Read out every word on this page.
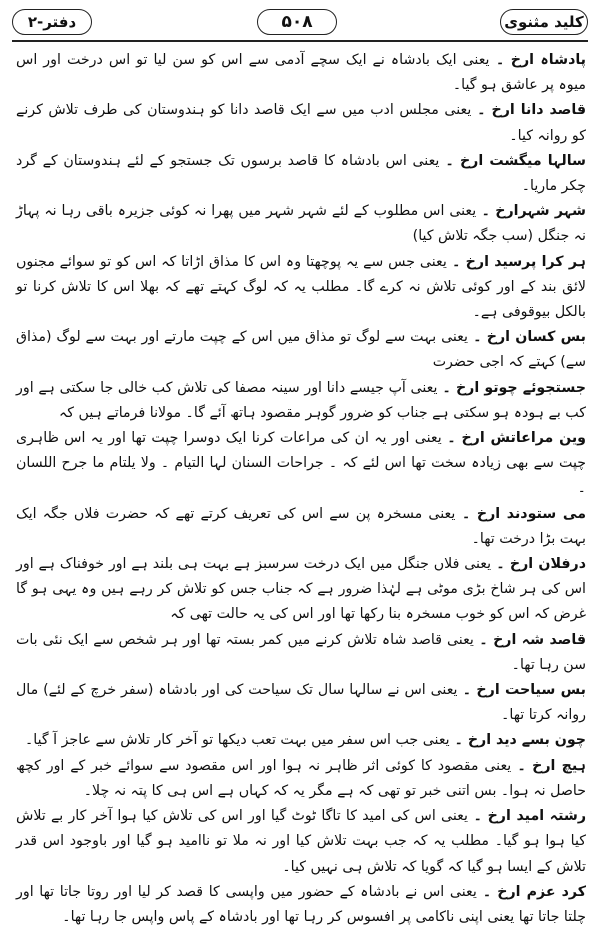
کلید مثنوی
۵۰۸
دفتر-۲

پادشاہ ارخ ۔ یعنی ایک بادشاہ نے ایک سچے آدمی سے اس کو سن لیا تو اس درخت اور اس میوہ پر عاشق ہو گیا۔

قاصد دانا ارخ ۔ یعنی مجلس ادب میں سے ایک قاصد دانا کو ہندوستان کی طرف تلاش کرنے کو روانہ کیا۔

سالہا میگشت ارخ ۔ یعنی اس بادشاہ کا قاصد برسوں تک جستجو کے لئے ہندوستان کے گرد چکر ماریا۔

شہر شہرارخ ۔ یعنی اس مطلوب کے لئے شہر شہر میں پھرا نہ کوئی جزیرہ باقی رہا نہ پہاڑ نہ جنگل (سب جگہ تلاش کیا)

ہر کرا پرسید ارخ ۔ یعنی جس سے یہ پوچھتا وہ اس کا مذاق اڑاتا کہ اس کو تو سوائے مجنوں لائق بند کے اور کوئی تلاش نہ کرے گا۔ مطلب یہ کہ لوگ کہتے تھے کہ بھلا اس کا تلاش کرنا تو بالکل بیوقوفی ہے۔

بس کسان ارخ ۔ یعنی بہت سے لوگ تو مذاق میں اس کے چپت مارتے اور بہت سے لوگ (مذاق سے) کہتے کہ اجی حضرت

جستجوئے چوتو ارخ ۔ یعنی آپ جیسے دانا اور سینہ مصفا کی تلاش کب خالی جا سکتی ہے اور کب بے ہودہ ہو سکتی ہے جناب کو ضرور گوہر مقصود ہاتھ آئے گا۔ مولانا فرماتے ہیں کہ

وین مراعاتش ارخ ۔ یعنی اور یہ ان کی مراعات کرنا ایک دوسرا چپت تھا اور یہ اس ظاہری چپت سے بھی زیادہ سخت تھا اس لئے کہ ۔ جراحات السنان لہا التیام ۔ ولا یلتام ما جرح اللسان ۔

می ستودند ارخ ۔ یعنی مسخرہ پن سے اس کی تعریف کرتے تھے کہ حضرت فلاں جگہ ایک بہت بڑا درخت تھا۔

درفلان ارخ ۔ یعنی فلاں جنگل میں ایک درخت سرسبز ہے بہت ہی بلند ہے اور خوفناک ہے اور اس کی ہر شاخ بڑی موٹی ہے لہٰذا ضرور ہے کہ جناب جس کو تلاش کر رہے ہیں وہ یہی ہو گا غرض کہ اس کو خوب مسخرہ بنا رکھا تھا اور اس کی یہ حالت تھی کہ

قاصد شہ ارخ ۔ یعنی قاصد شاہ تلاش کرنے میں کمر بستہ تھا اور ہر شخص سے ایک نئی بات سن رہا تھا۔

بس سیاحت ارخ ۔ یعنی اس نے سالہا سال تک سیاحت کی اور بادشاہ (سفر خرچ کے لئے) مال روانہ کرتا تھا۔

چون بسے دید ارخ ۔ یعنی جب اس سفر میں بہت تعب دیکھا تو آخر کار تلاش سے عاجز آ گیا۔

ہیچ ارخ ۔ یعنی مقصود کا کوئی اثر ظاہر نہ ہوا اور اس مقصود سے سوائے خبر کے اور کچھ حاصل نہ ہوا۔ بس اتنی خبر تو تھی کہ ہے مگر یہ کہ کہاں ہے اس ہی کا پتہ نہ چلا۔

رشتہ امید ارخ ۔ یعنی اس کی امید کا تاگا ٹوٹ گیا اور اس کی تلاش کیا ہوا آخر کار بے تلاش کیا ہوا ہو گیا۔ مطلب یہ کہ جب بہت تلاش کیا اور نہ ملا تو ناامید ہو گیا اور باوجود اس قدر تلاش کے ایسا ہو گیا کہ گویا کہ تلاش ہی نہیں کیا۔

کرد عزم ارخ ۔ یعنی اس نے بادشاہ کے حضور میں واپسی کا قصد کر لیا اور روتا جاتا تھا اور چلتا جاتا تھا یعنی اپنی ناکامی پر افسوس کر رہا تھا اور بادشاہ کے پاس واپس جا رہا تھا۔
